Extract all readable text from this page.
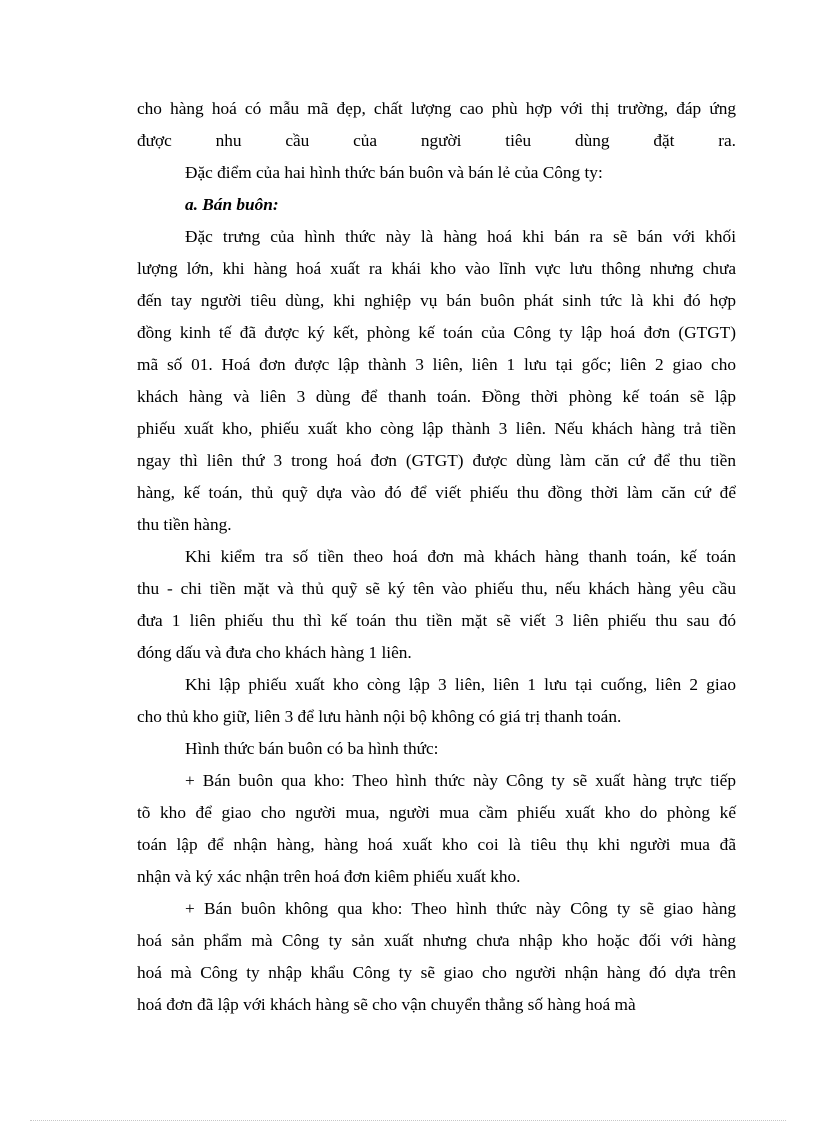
cho hàng hoá có mẫu mã đẹp, chất lượng cao phù hợp với thị trường, đáp ứng
được nhu cầu của người tiêu dùng đặt ra.
Đặc điểm của hai hình thức bán buôn và bán lẻ của Công ty:
a. Bán buôn:
Đặc trưng của hình thức này là hàng hoá khi bán ra sẽ bán với khối
lượng lớn, khi hàng hoá xuất ra khái kho vào lĩnh vực lưu thông nhưng chưa
đến tay người tiêu dùng, khi nghiệp vụ bán buôn phát sinh tức là khi đó hợp
đồng kinh tế đã được ký kết, phòng kế toán của Công ty lập hoá đơn (GTGT)
mã số 01. Hoá đơn được lập thành 3 liên, liên 1 lưu tại gốc; liên 2 giao cho
khách hàng và liên 3 dùng để thanh toán. Đồng thời phòng kế toán sẽ lập
phiếu xuất kho, phiếu xuất kho còng lập thành 3 liên. Nếu khách hàng trả tiền
ngay thì liên thứ 3 trong hoá đơn (GTGT) được dùng làm căn cứ để thu tiền
hàng, kế toán, thủ quỹ dựa vào đó để viết phiếu thu đồng thời làm căn cứ để
thu tiền hàng.
Khi kiểm tra số tiền theo hoá đơn mà khách hàng thanh toán, kế toán
thu - chi tiền mặt và thủ quỹ sẽ ký tên vào phiếu thu, nếu khách hàng yêu cầu
đưa 1 liên phiếu thu thì kế toán thu tiền mặt sẽ viết 3 liên phiếu thu sau đó
đóng dấu và đưa cho khách hàng 1 liên.
Khi lập phiếu xuất kho còng lập 3 liên, liên 1 lưu tại cuống, liên 2 giao
cho thủ kho giữ, liên 3 để lưu hành nội bộ không có giá trị thanh toán.
Hình thức bán buôn có ba hình thức:
+ Bán buôn qua kho: Theo hình thức này Công ty sẽ xuất hàng trực tiếp
tõ kho để giao cho người mua, người mua cầm phiếu xuất kho do phòng kế
toán lập để nhận hàng, hàng hoá xuất kho coi là tiêu thụ khi người mua đã
nhận và ký xác nhận trên hoá đơn kiêm phiếu xuất kho.
+ Bán buôn không qua kho: Theo hình thức này Công ty sẽ giao hàng
hoá sản phẩm mà Công ty sản xuất nhưng chưa nhập kho hoặc đối với hàng
hoá mà Công ty nhập khẩu Công ty sẽ giao cho người nhận hàng đó dựa trên
hoá đơn đã lập với khách hàng sẽ cho vận chuyển thẳng số hàng hoá mà
